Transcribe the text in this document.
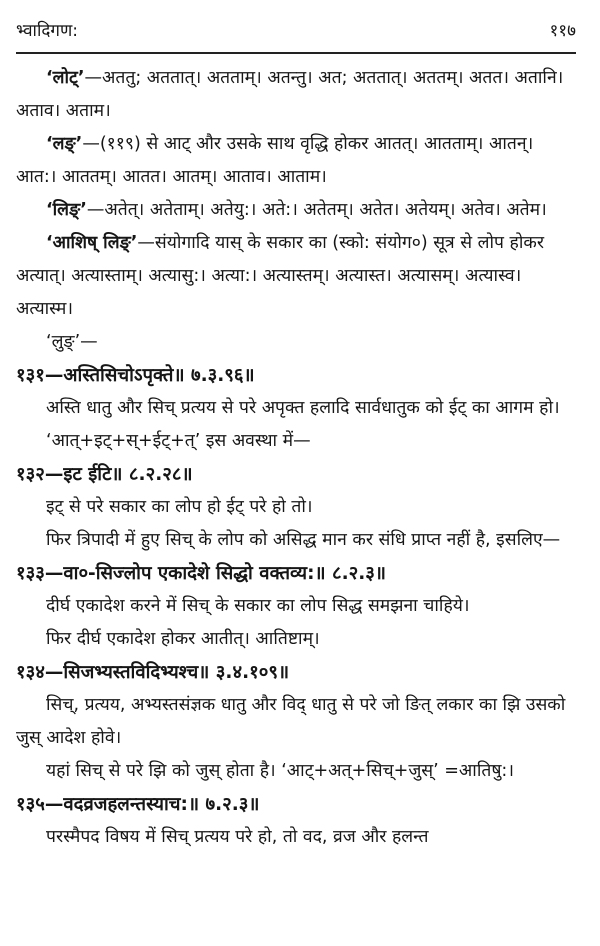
भ्वादिगण:	११७

‘लोट्’—अततु; अततात्। अतताम्। अतन्तु। अत; अततात्। अततम्। अतत। अतानि। अताव। अताम।

‘लङ्’—(११९) से आट् और उसके साथ वृद्धि होकर आतत्। आतताम्। आतन्। आत:। आततम्। आतत। आतम्। आताव। आताम।

‘लिङ्’—अतेत्। अतेताम्। अतेयु:। अते:। अतेतम्। अतेत। अतेयम्। अतेव। अतेम।

‘आशिष् लिङ्’—संयोगादि यास् के सकार का (स्को: संयोग०) सूत्र से लोप होकर अत्यात्। अत्यास्ताम्। अत्यासु:। अत्या:। अत्यास्तम्। अत्यास्त। अत्यासम्। अत्यास्व। अत्यास्म।

‘लुङ्’—

१३१—अस्तिसिचोऽपृक्ते॥ ७.३.९६॥

अस्ति धातु और सिच् प्रत्यय से परे अपृक्त हलादि सार्वधातुक को ईट् का आगम हो।

‘आत्+इट्+स्+ईट्+त्’ इस अवस्था में—

१३२—इट ईटि॥ ८.२.२८॥

इट् से परे सकार का लोप हो ईट् परे हो तो।

फिर त्रिपादी में हुए सिच् के लोप को असिद्ध मान कर संधि प्राप्त नहीं है, इसलिए—

१३३—वा०-सिज्लोप एकादेशे सिद्धो वक्तव्य:॥ ८.२.३॥

दीर्घ एकादेश करने में सिच् के सकार का लोप सिद्ध समझना चाहिये।

फिर दीर्घ एकादेश होकर आतीत्। आतिष्टाम्।

१३४—सिजभ्यस्तविदिभ्यश्च॥ ३.४.१०९॥

सिच्, प्रत्यय, अभ्यस्तसंज्ञक धातु और विद् धातु से परे जो ङित् लकार का झि उसको जुस् आदेश होवे।

यहां सिच् से परे झि को जुस् होता है। ‘आट्+अत्+सिच्+जुस्’ =आतिषु:।

१३५—वदव्रजहलन्तस्याच:॥ ७.२.३॥

परस्मैपद विषय में सिच् प्रत्यय परे हो, तो वद, व्रज और हलन्त
